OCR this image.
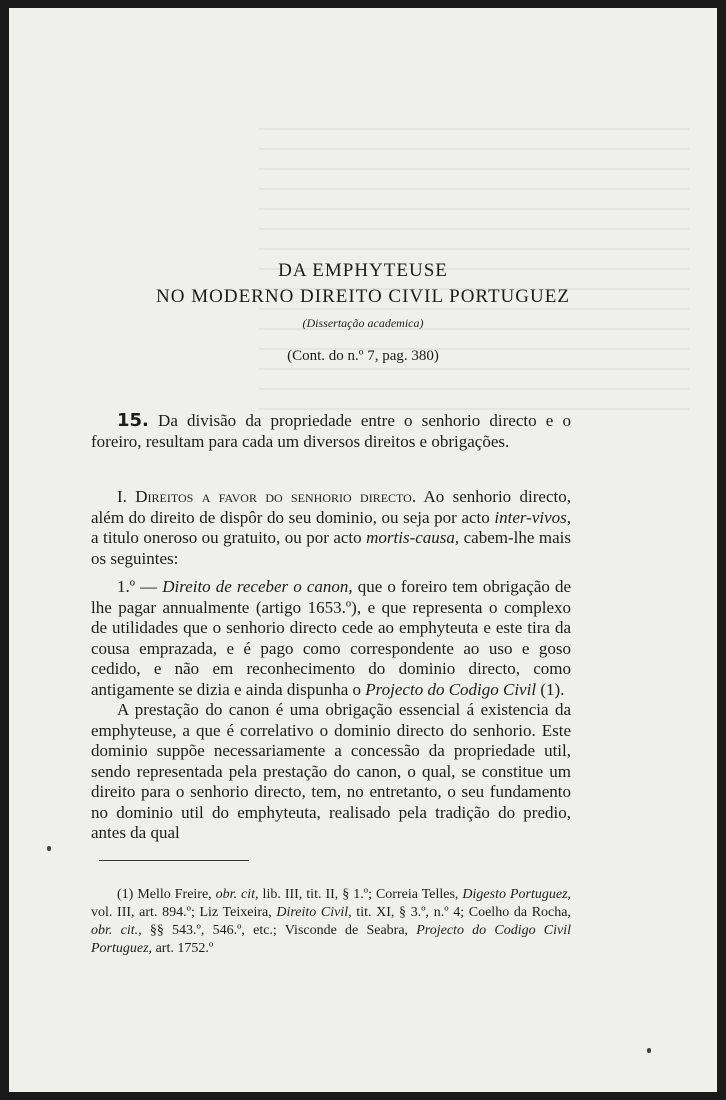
DA EMPHYTEUSE
NO MODERNO DIREITO CIVIL PORTUGUEZ
(Dissertação academica)
(Cont. do n.º 7, pag. 380)
15. Da divisão da propriedade entre o senhorio directo e o foreiro, resultam para cada um diversos direitos e obrigações.
I. Direitos a favor do senhorio directo. Ao senhorio directo, além do direito de dispôr do seu dominio, ou seja por acto inter-vivos, a titulo oneroso ou gratuito, ou por acto mortis-causa, cabem-lhe mais os seguintes:
1.º — Direito de receber o canon, que o foreiro tem obrigação de lhe pagar annualmente (artigo 1653.º), e que representa o complexo de utilidades que o senhorio directo cede ao emphyteuta e este tira da cousa emprazada, e é pago como correspondente ao uso e goso cedido, e não em reconhecimento do dominio directo, como antigamente se dizia e ainda dispunha o Projecto do Codigo Civil (1).
A prestação do canon é uma obrigação essencial á existencia da emphyteuse, a que é correlativo o dominio directo do senhorio. Este dominio suppõe necessariamente a concessão da propriedade util, sendo representada pela prestação do canon, o qual, se constitue um direito para o senhorio directo, tem, no entretanto, o seu fundamento no dominio util do emphyteuta, realisado pela tradição do predio, antes da qual
(1) Mello Freire, obr. cit, lib. III, tit. II, § 1.º; Correia Telles, Digesto Portuguez, vol. III, art. 894.º; Liz Teixeira, Direito Civil, tit. XI, § 3.º, n.º 4; Coelho da Rocha, obr. cit., §§ 543.º, 546.º, etc.; Visconde de Seabra, Projecto do Codigo Civil Portuguez, art. 1752.º
